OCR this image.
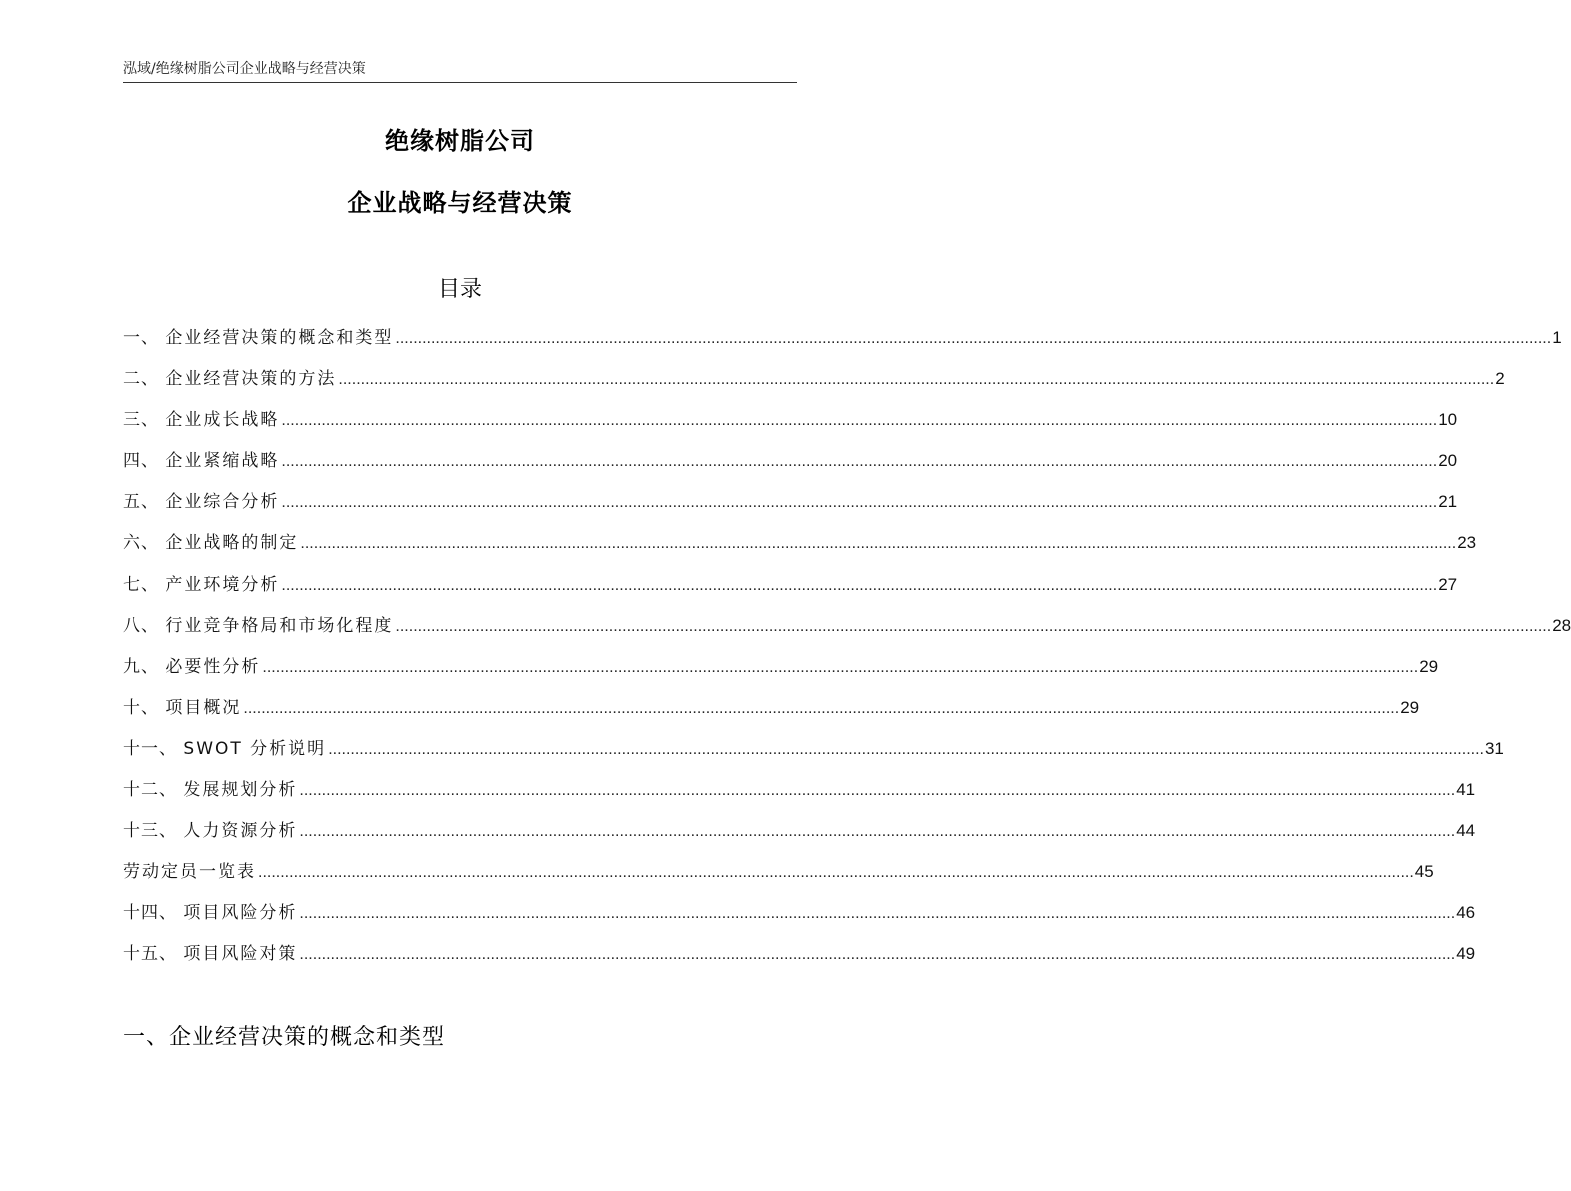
泓域/绝缘树脂公司企业战略与经营决策
绝缘树脂公司
企业战略与经营决策
目录
一、 企业经营决策的概念和类型 .................................................................................................................................................................................................................................................................... 1
二、 企业经营决策的方法 .................................................................................................................................................................................................................................................................... 2
三、 企业成长战略 .................................................................................................................................................................................................................................................................... 10
四、 企业紧缩战略 .................................................................................................................................................................................................................................................................... 20
五、 企业综合分析 .................................................................................................................................................................................................................................................................... 21
六、 企业战略的制定 .................................................................................................................................................................................................................................................................... 23
七、 产业环境分析 .................................................................................................................................................................................................................................................................... 27
八、 行业竞争格局和市场化程度 .................................................................................................................................................................................................................................................................... 28
九、 必要性分析 .................................................................................................................................................................................................................................................................... 29
十、 项目概况 .................................................................................................................................................................................................................................................................... 29
十一、 SWOT 分析说明 .................................................................................................................................................................................................................................................................... 31
十二、 发展规划分析 .................................................................................................................................................................................................................................................................... 41
十三、 人力资源分析 .................................................................................................................................................................................................................................................................... 44
劳动定员一览表 .................................................................................................................................................................................................................................................................... 45
十四、 项目风险分析 .................................................................................................................................................................................................................................................................... 46
十五、 项目风险对策 .................................................................................................................................................................................................................................................................... 49
一、企业经营决策的概念和类型
